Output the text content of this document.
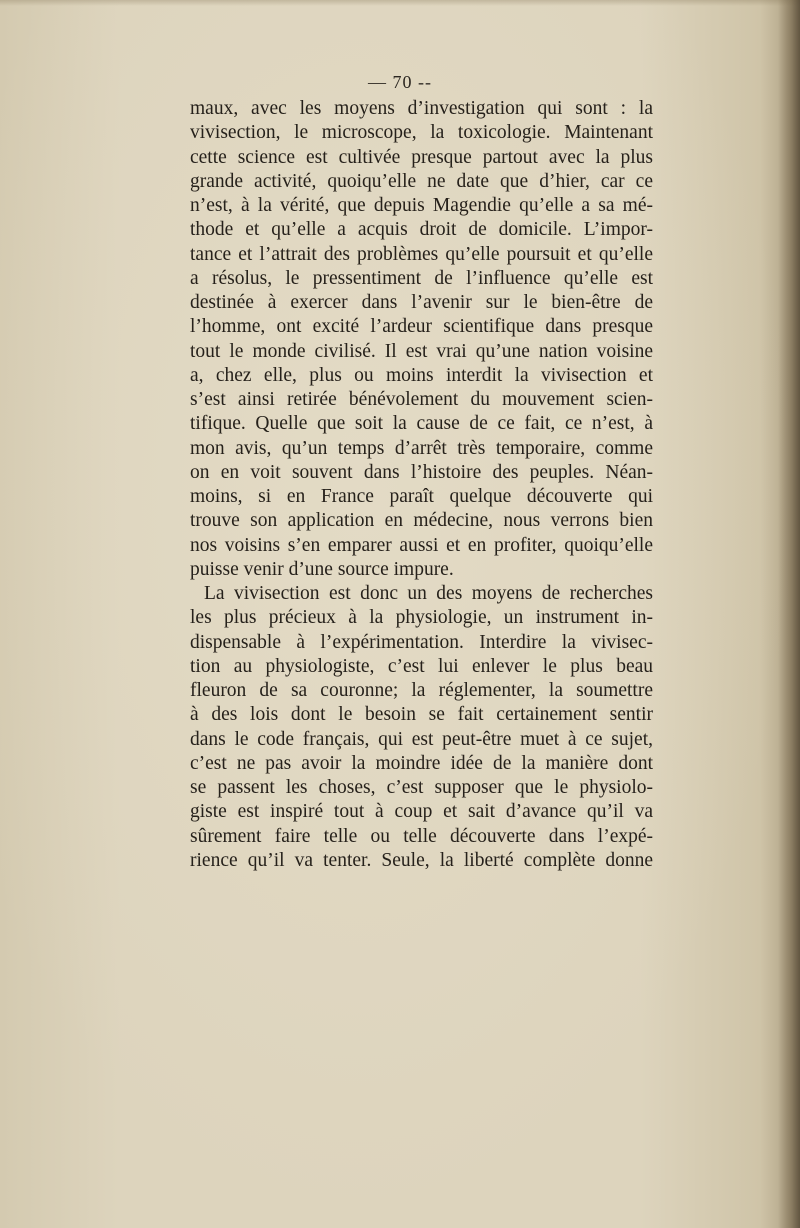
— 70 --
maux, avec les moyens d’investigation qui sont : la
vivisection, le microscope, la toxicologie. Maintenant
cette science est cultivée presque partout avec la plus
grande activité, quoiqu’elle ne date que d’hier, car ce
n’est, à la vérité, que depuis Magendie qu’elle a sa mé-
thode et qu’elle a acquis droit de domicile. L’impor-
tance et l’attrait des problèmes qu’elle poursuit et qu’elle
a résolus, le pressentiment de l’influence qu’elle est
destinée à exercer dans l’avenir sur le bien-être de
l’homme, ont excité l’ardeur scientifique dans presque
tout le monde civilisé. Il est vrai qu’une nation voisine
a, chez elle, plus ou moins interdit la vivisection et
s’est ainsi retirée bénévolement du mouvement scien-
tifique. Quelle que soit la cause de ce fait, ce n’est, à
mon avis, qu’un temps d’arrêt très temporaire, comme
on en voit souvent dans l’histoire des peuples. Néan-
moins, si en France paraît quelque découverte qui
trouve son application en médecine, nous verrons bien
nos voisins s’en emparer aussi et en profiter, quoiqu’elle
puisse venir d’une source impure.
La vivisection est donc un des moyens de recherches
les plus précieux à la physiologie, un instrument in-
dispensable à l’expérimentation. Interdire la vivisec-
tion au physiologiste, c’est lui enlever le plus beau
fleuron de sa couronne; la réglementer, la soumettre
à des lois dont le besoin se fait certainement sentir
dans le code français, qui est peut-être muet à ce sujet,
c’est ne pas avoir la moindre idée de la manière dont
se passent les choses, c’est supposer que le physiolo-
giste est inspiré tout à coup et sait d’avance qu’il va
sûrement faire telle ou telle découverte dans l’expé-
rience qu’il va tenter. Seule, la liberté complète donne
